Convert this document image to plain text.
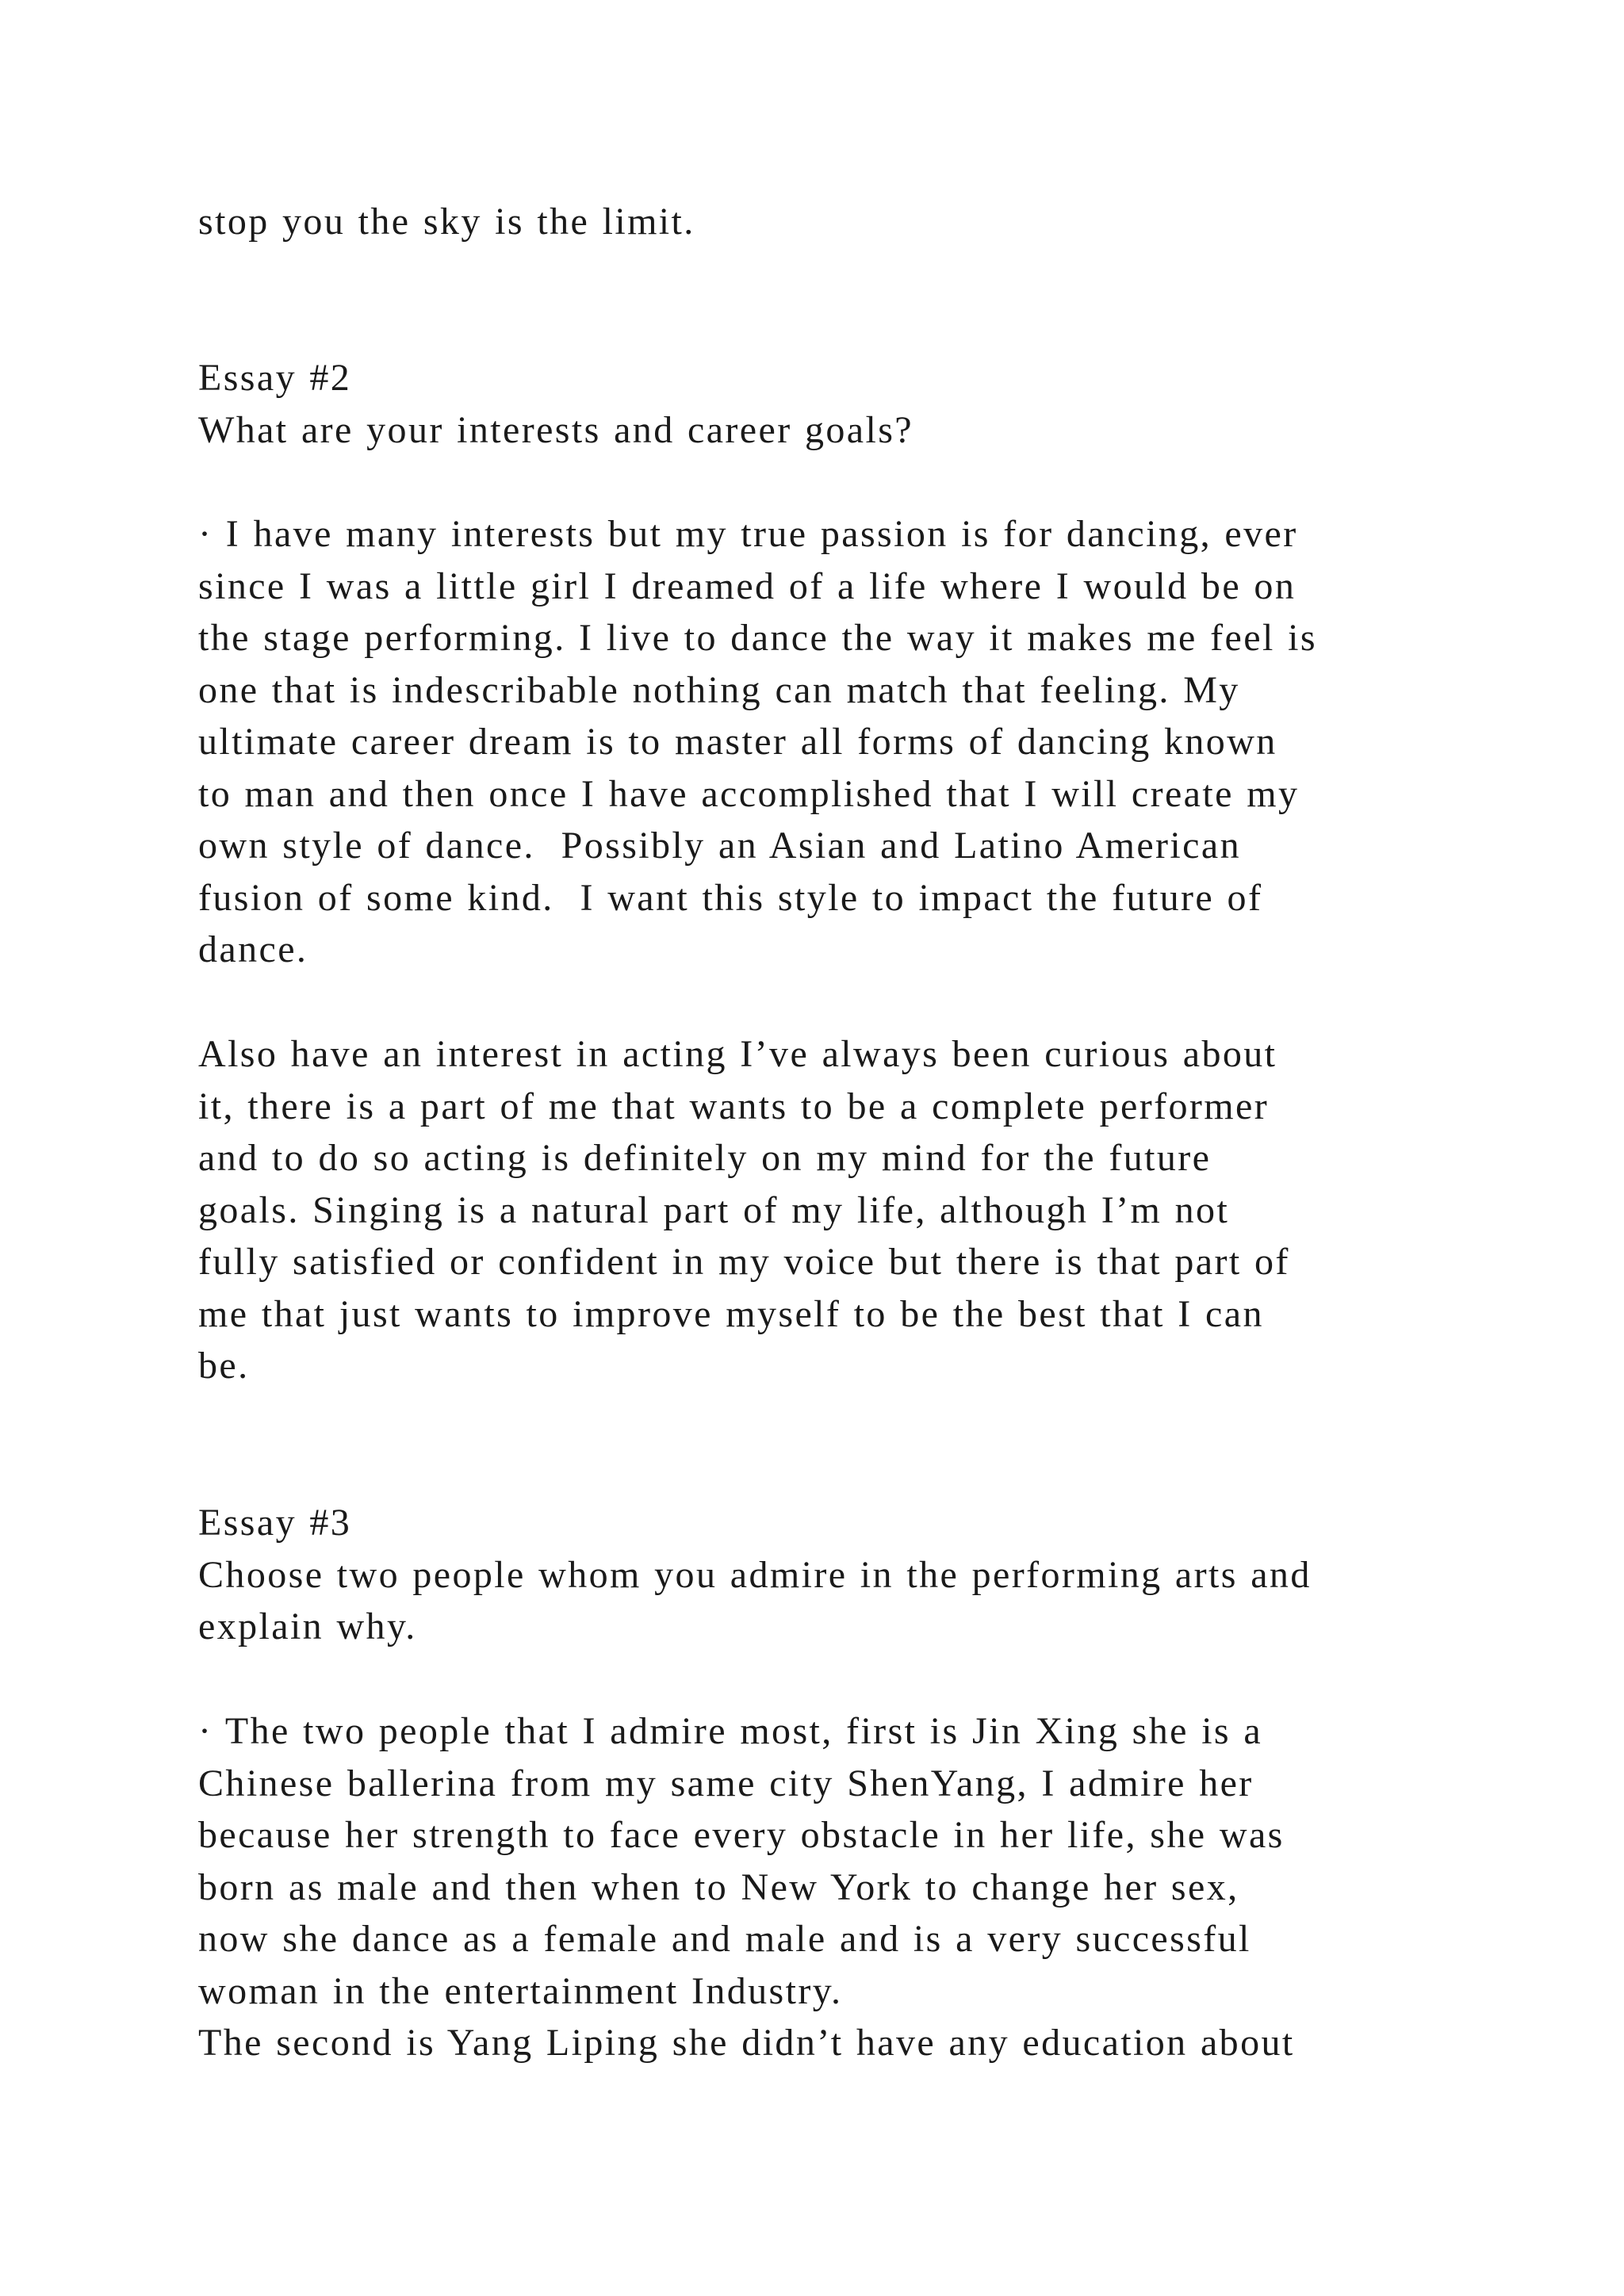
stop you the sky is the limit.
Essay #2
What are your interests and career goals?
· I have many interests but my true passion is for dancing, ever
since I was a little girl I dreamed of a life where I would be on
the stage performing. I live to dance the way it makes me feel is
one that is indescribable nothing can match that feeling. My
ultimate career dream is to master all forms of dancing known
to man and then once I have accomplished that I will create my
own style of dance.  Possibly an Asian and Latino American
fusion of some kind.  I want this style to impact the future of
dance.
Also have an interest in acting I’ve always been curious about
it, there is a part of me that wants to be a complete performer
and to do so acting is definitely on my mind for the future
goals. Singing is a natural part of my life, although I’m not
fully satisfied or confident in my voice but there is that part of
me that just wants to improve myself to be the best that I can
be.
Essay #3
Choose two people whom you admire in the performing arts and
explain why.
· The two people that I admire most, first is Jin Xing she is a
Chinese ballerina from my same city ShenYang, I admire her
because her strength to face every obstacle in her life, she was
born as male and then when to New York to change her sex,
now she dance as a female and male and is a very successful
woman in the entertainment Industry.
The second is Yang Liping she didn’t have any education about
